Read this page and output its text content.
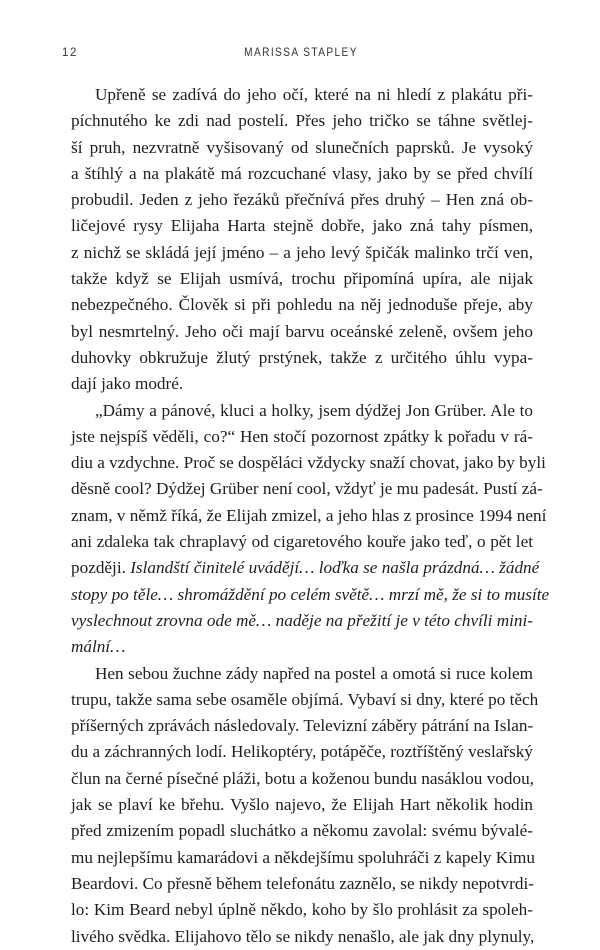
12	MARISSA STAPLEY
Upřeně se zadívá do jeho očí, které na ni hledí z plakátu při-
píchnutého ke zdi nad postelí. Přes jeho tričko se táhne světlej-
ší pruh, nezvratně vyšisovaný od slunečních paprsků. Je vysoký
a štíhlý a na plakátě má rozcuchané vlasy, jako by se před chvílí
probudil. Jeden z jeho řezáků přečnívá přes druhý – Hen zná ob-
ličejové rysy Elijaha Harta stejně dobře, jako zná tahy písmen,
z nichž se skládá její jméno – a jeho levý špičák malinko trčí ven,
takže když se Elijah usmívá, trochu připomíná upíra, ale nijak
nebezpečného. Člověk si při pohledu na něj jednoduše přeje, aby
byl nesmrtelný. Jeho oči mají barvu oceánské zeleně, ovšem jeho
duhovky obkružuje žlutý prstýnek, takže z určitého úhlu vypa-
dají jako modré.
„Dámy a pánové, kluci a holky, jsem dýdžej Jon Grüber. Ale to
jste nejspíš věděli, co?“ Hen stočí pozornost zpátky k pořadu v rá-
diu a vzdychne. Proč se dospěláci vždycky snaží chovat, jako by byli
děsně cool? Dýdžej Grüber není cool, vždyť je mu padesát. Pustí zá-
znam, v němž říká, že Elijah zmizel, a jeho hlas z prosince 1994 není
ani zdaleka tak chraplavý od cigaretového kouře jako teď, o pět let
později. Islandští činitelé uvádějí… loďka se našla prázdná… žádné
stopy po těle… shromáždění po celém světě… mrzí mě, že si to musíte
vyslechnout zrovna ode mě… naděje na přežití je v této chvíli mini-
mální…
Hen sebou žuchne zády napřed na postel a omotá si ruce kolem
trupu, takže sama sebe osaměle objímá. Vybaví si dny, které po těch
příšerných zprávách následovaly. Televizní záběry pátrání na Islan-
du a záchranných lodí. Helikoptéry, potápěče, roztříštěný veslařský
člun na černé písečné pláži, botu a koženou bundu nasáklou vodou,
jak se plaví ke břehu. Vyšlo najevo, že Elijah Hart několik hodin
před zmizením popadl sluchátko a někomu zavolal: svému bývalé-
mu nejlepšímu kamarádovi a někdejšímu spoluhráči z kapely Kimu
Beardovi. Co přesně během telefonátu zaznělo, se nikdy nepotvrdi-
lo: Kim Beard nebyl úplně někdo, koho by šlo prohlásit za spoleh-
livého svědka. Elijahovo tělo se nikdy nenašlo, ale jak dny plynuly,
